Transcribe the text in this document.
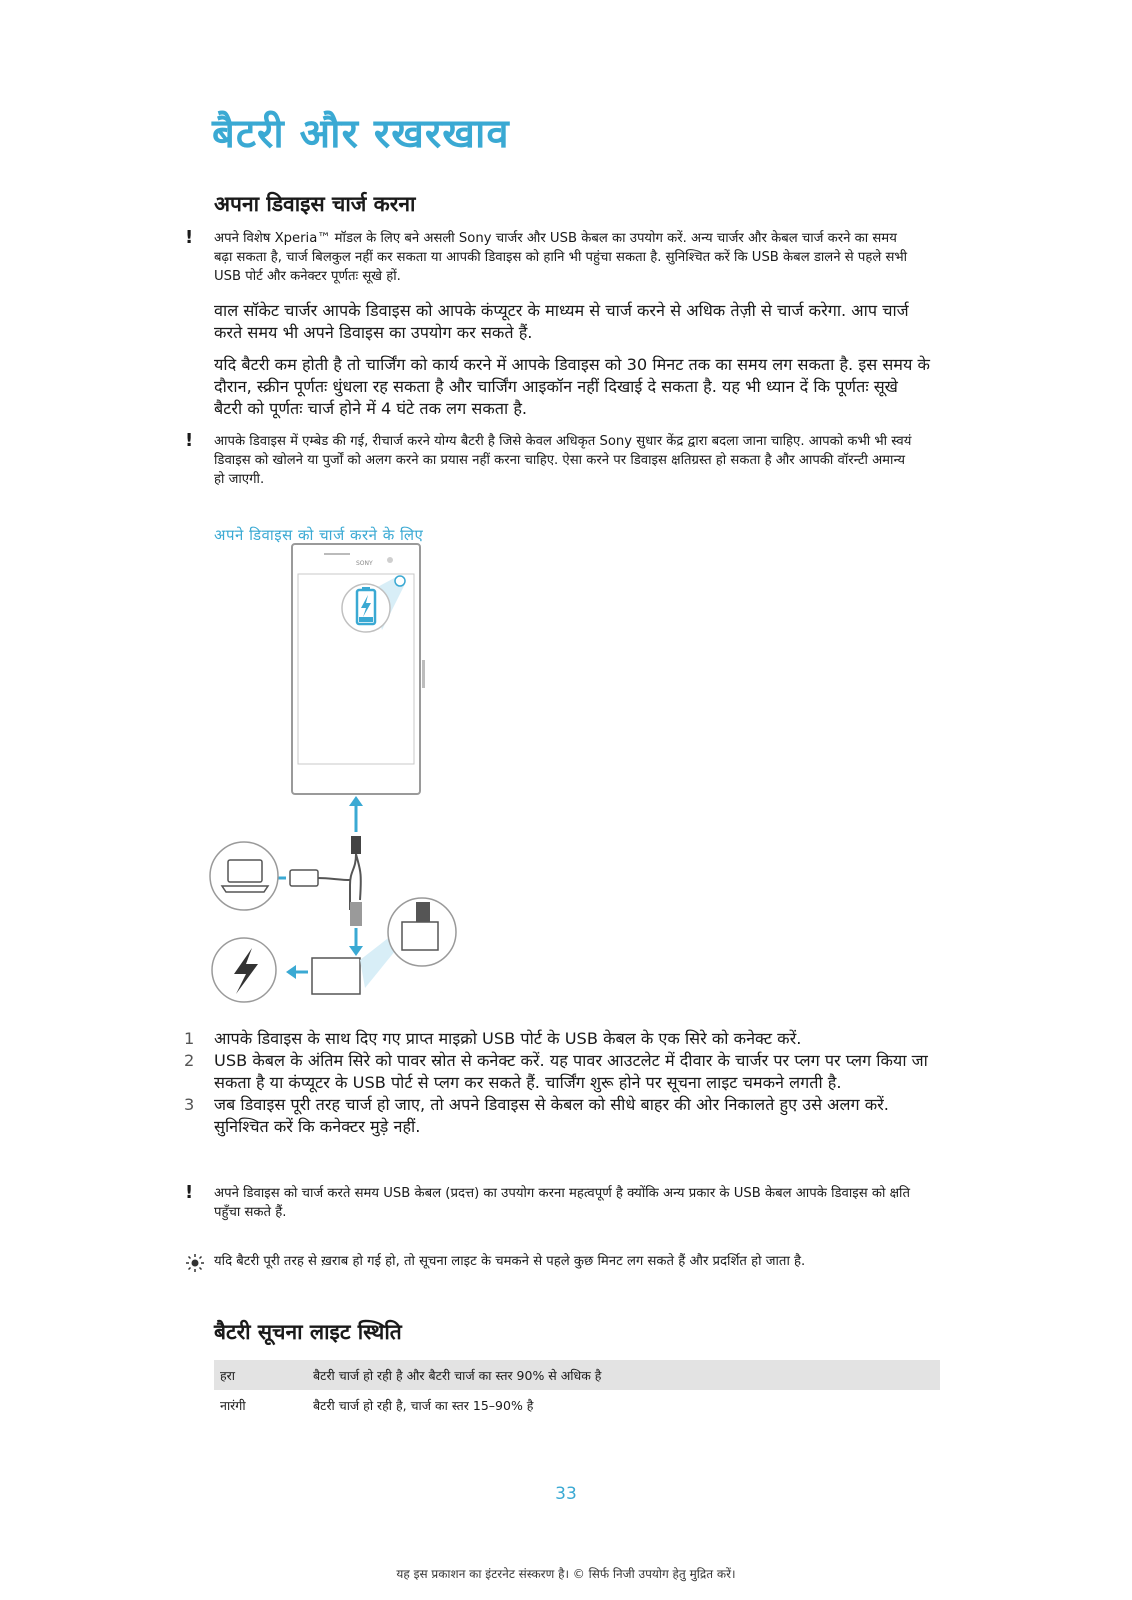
बैटरी और रखरखाव
अपना डिवाइस चार्ज करना
! अपने विशेष Xperia™ मॉडल के लिए बने असली Sony चार्जर और USB केबल का उपयोग करें. अन्य चार्जर और केबल चार्ज करने का समय बढ़ा सकता है, चार्ज बिलकुल नहीं कर सकता या आपकी डिवाइस को हानि भी पहुंचा सकता है. सुनिश्चित करें कि USB केबल डालने से पहले सभी USB पोर्ट और कनेक्टर पूर्णतः सूखे हों.
वाल सॉकेट चार्जर आपके डिवाइस को आपके कंप्यूटर के माध्यम से चार्ज करने से अधिक तेज़ी से चार्ज करेगा. आप चार्ज करते समय भी अपने डिवाइस का उपयोग कर सकते हैं.
यदि बैटरी कम होती है तो चार्जिंग को कार्य करने में आपके डिवाइस को 30 मिनट तक का समय लग सकता है. इस समय के दौरान, स्क्रीन पूर्णतः धुंधला रह सकता है और चार्जिंग आइकॉन नहीं दिखाई दे सकता है. यह भी ध्यान दें कि पूर्णतः सूखे बैटरी को पूर्णतः चार्ज होने में 4 घंटे तक लग सकता है.
! आपके डिवाइस में एम्बेड की गई, रीचार्ज करने योग्य बैटरी है जिसे केवल अधिकृत Sony सुधार केंद्र द्वारा बदला जाना चाहिए. आपको कभी भी स्वयं डिवाइस को खोलने या पुर्जों को अलग करने का प्रयास नहीं करना चाहिए. ऐसा करने पर डिवाइस क्षतिग्रस्त हो सकता है और आपकी वॉरन्टी अमान्य हो जाएगी.
अपने डिवाइस को चार्ज करने के लिए
SONY
1 आपके डिवाइस के साथ दिए गए प्राप्त माइक्रो USB पोर्ट के USB केबल के एक सिरे को कनेक्ट करें.
2 USB केबल के अंतिम सिरे को पावर स्रोत से कनेक्ट करें. यह पावर आउटलेट में दीवार के चार्जर पर प्लग पर प्लग किया जा सकता है या कंप्यूटर के USB पोर्ट से प्लग कर सकते हैं. चार्जिंग शुरू होने पर सूचना लाइट चमकने लगती है.
3 जब डिवाइस पूरी तरह चार्ज हो जाए, तो अपने डिवाइस से केबल को सीधे बाहर की ओर निकालते हुए उसे अलग करें. सुनिश्चित करें कि कनेक्टर मुड़े नहीं.
! अपने डिवाइस को चार्ज करते समय USB केबल (प्रदत्त) का उपयोग करना महत्वपूर्ण है क्योंकि अन्य प्रकार के USB केबल आपके डिवाइस को क्षति पहुँचा सकते हैं.
यदि बैटरी पूरी तरह से ख़राब हो गई हो, तो सूचना लाइट के चमकने से पहले कुछ मिनट लग सकते हैं और प्रदर्शित हो जाता है.
बैटरी सूचना लाइट स्थिति
हरा	बैटरी चार्ज हो रही है और बैटरी चार्ज का स्तर 90% से अधिक है
नारंगी	बैटरी चार्ज हो रही है, चार्ज का स्तर 15–90% है
33
यह इस प्रकाशन का इंटरनेट संस्करण है। © सिर्फ निजी उपयोग हेतु मुद्रित करें।
